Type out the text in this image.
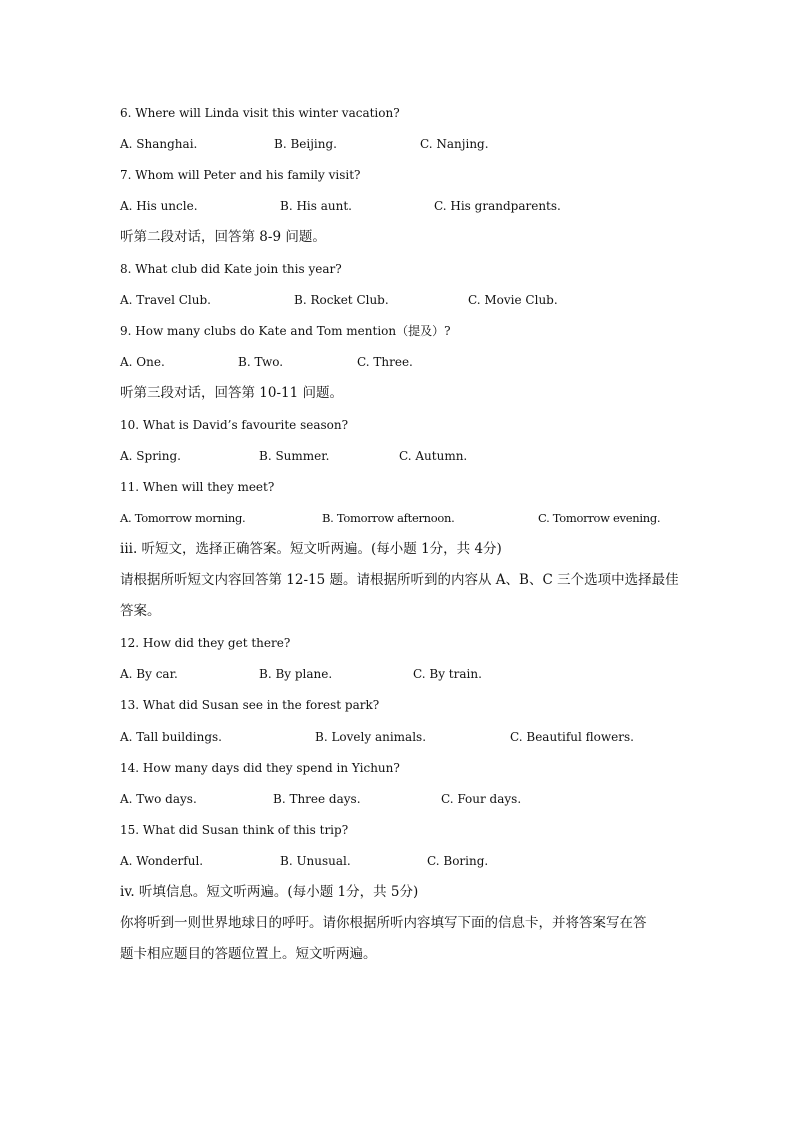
6. Where will Linda visit this winter vacation?
A. Shanghai.	B. Beijing.	C. Nanjing.
7. Whom will Peter and his family visit?
A. His uncle.	B. His aunt.	C. His grandparents.
听第二段对话，回答第 8-9 问题。
8. What club did Kate join this year?
A. Travel Club.	B. Rocket Club.	C. Movie Club.
9. How many clubs do Kate and Tom mention（提及）?
A. One.	B. Two.	C. Three.
听第三段对话，回答第 10-11 问题。
10. What is David’s favourite season?
A. Spring.	B. Summer.	C. Autumn.
11. When will they meet?
A. Tomorrow morning.	B. Tomorrow afternoon.	C. Tomorrow evening.
iii. 听短文，选择正确答案。短文听两遍。(每小题 1分，共 4分)
请根据所听短文内容回答第 12-15 题。请根据所听到的内容从 A、B、C 三个选项中选择最佳
答案。
12. How did they get there?
A. By car.	B. By plane.	C. By train.
13. What did Susan see in the forest park?
A. Tall buildings.	B. Lovely animals.	C. Beautiful flowers.
14. How many days did they spend in Yichun?
A. Two days.	B. Three days.	C. Four days.
15. What did Susan think of this trip?
A. Wonderful.	B. Unusual.	C. Boring.
iv. 听填信息。短文听两遍。(每小题 1分，共 5分)
你将听到一则世界地球日的呼吁。请你根据所听内容填写下面的信息卡，并将答案写在答
题卡相应题目的答题位置上。短文听两遍。
